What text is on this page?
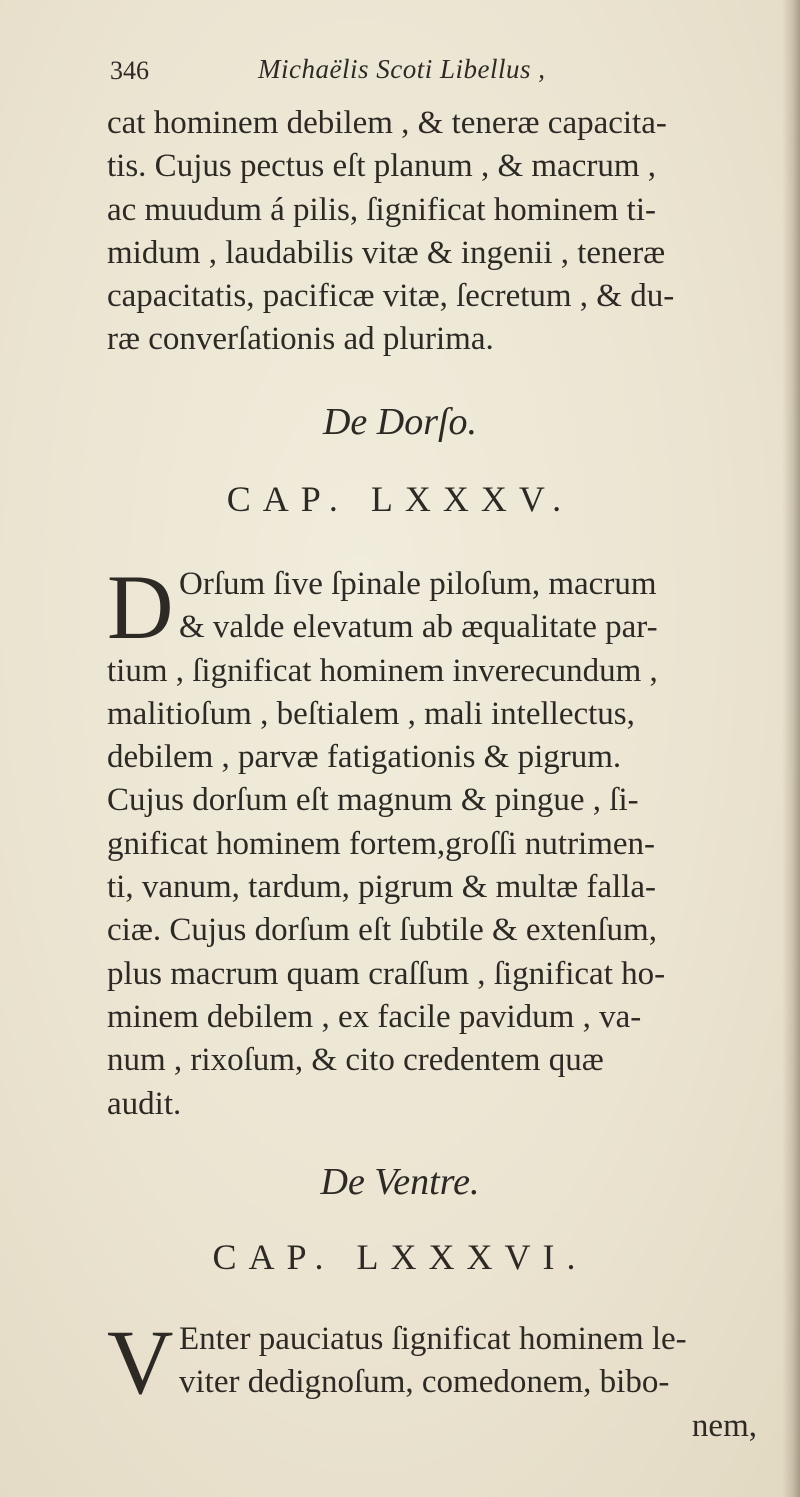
346	Michaëlis Scoti Libellus ,
cat hominem debilem , & teneræ capacita-
tis. Cujus pectus eſt planum , & macrum ,
ac muudum á pilis, ſignificat hominem ti-
midum , laudabilis vitæ & ingenii , teneræ
capacitatis, pacificæ vitæ, ſecretum , & du-
ræ converſationis ad plurima.
De Dorſo.
CAP. LXXXV.
D Orſum ſive ſpinale piloſum, macrum
& valde elevatum ab æqualitate par-
tium , ſignificat hominem inverecundum ,
malitioſum , beſtialem , mali intellectus,
debilem , parvæ fatigationis & pigrum.
Cujus dorſum eſt magnum & pingue , ſi-
gnificat hominem fortem,groſſi nutrimen-
ti, vanum, tardum, pigrum & multæ falla-
ciæ. Cujus dorſum eſt ſubtile & extenſum,
plus macrum quam craſſum , ſignificat ho-
minem debilem , ex facile pavidum , va-
num , rixoſum, & cito credentem quæ
audit.
De Ventre.
CAP. LXXXVI.
V Enter pauciatus ſignificat hominem le-
viter dedignoſum, comedonem, bibo-
nem,
